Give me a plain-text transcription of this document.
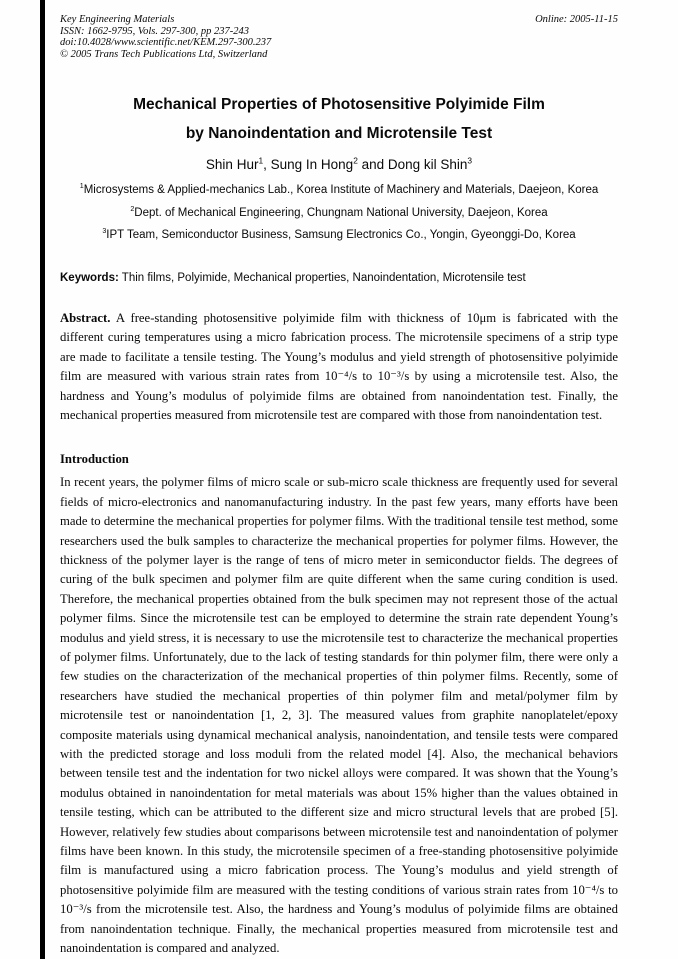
Key Engineering Materials
ISSN: 1662-9795, Vols. 297-300, pp 237-243
doi:10.4028/www.scientific.net/KEM.297-300.237
© 2005 Trans Tech Publications Ltd, Switzerland
Online: 2005-11-15
Mechanical Properties of Photosensitive Polyimide Film
by Nanoindentation and Microtensile Test
Shin Hur$^1$, Sung In Hong$^2$ and Dong kil Shin$^3$
$^1$Microsystems & Applied-mechanics Lab., Korea Institute of Machinery and Materials, Daejeon, Korea
$^2$Dept. of Mechanical Engineering, Chungnam National University, Daejeon, Korea
$^3$IPT Team, Semiconductor Business, Samsung Electronics Co., Yongin, Gyeonggi-Do, Korea

Keywords: Thin films, Polyimide, Mechanical properties, Nanoindentation, Microtensile test

Abstract. A free-standing photosensitive polyimide film with thickness of 10μm is fabricated with the different curing temperatures using a micro fabrication process. The microtensile specimens of a strip type are made to facilitate a tensile testing. The Young’s modulus and yield strength of photosensitive polyimide film are measured with various strain rates from 10⁻⁴/s to 10⁻³/s by using a microtensile test. Also, the hardness and Young’s modulus of polyimide films are obtained from nanoindentation test. Finally, the mechanical properties measured from microtensile test are compared with those from nanoindentation test.

Introduction

In recent years, the polymer films of micro scale or sub-micro scale thickness are frequently used for several fields of micro-electronics and nanomanufacturing industry. In the past few years, many efforts have been made to determine the mechanical properties for polymer films. With the traditional tensile test method, some researchers used the bulk samples to characterize the mechanical properties for polymer films. However, the thickness of the polymer layer is the range of tens of micro meter in semiconductor fields. The degrees of curing of the bulk specimen and polymer film are quite different when the same curing condition is used. Therefore, the mechanical properties obtained from the bulk specimen may not represent those of the actual polymer films. Since the microtensile test can be employed to determine the strain rate dependent Young’s modulus and yield stress, it is necessary to use the microtensile test to characterize the mechanical properties of polymer films. Unfortunately, due to the lack of testing standards for thin polymer film, there were only a few studies on the characterization of the mechanical properties of thin polymer films. Recently, some of researchers have studied the mechanical properties of thin polymer film and metal/polymer film by microtensile test or nanoindentation [1, 2, 3]. The measured values from graphite nanoplatelet/epoxy composite materials using dynamical mechanical analysis, nanoindentation, and tensile tests were compared with the predicted storage and loss moduli from the related model [4]. Also, the mechanical behaviors between tensile test and the indentation for two nickel alloys were compared. It was shown that the Young’s modulus obtained in nanoindentation for metal materials was about 15% higher than the values obtained in tensile testing, which can be attributed to the different size and micro structural levels that are probed [5]. However, relatively few studies about comparisons between microtensile test and nanoindentation of polymer films have been known. In this study, the microtensile specimen of a free-standing photosensitive polyimide film is manufactured using a micro fabrication process. The Young’s modulus and yield strength of photosensitive polyimide film are measured with the testing conditions of various strain rates from 10⁻⁴/s to 10⁻³/s from the microtensile test. Also, the hardness and Young’s modulus of polyimide films are obtained from nanoindentation technique. Finally, the mechanical properties measured from microtensile test and nanoindentation is compared and analyzed.
